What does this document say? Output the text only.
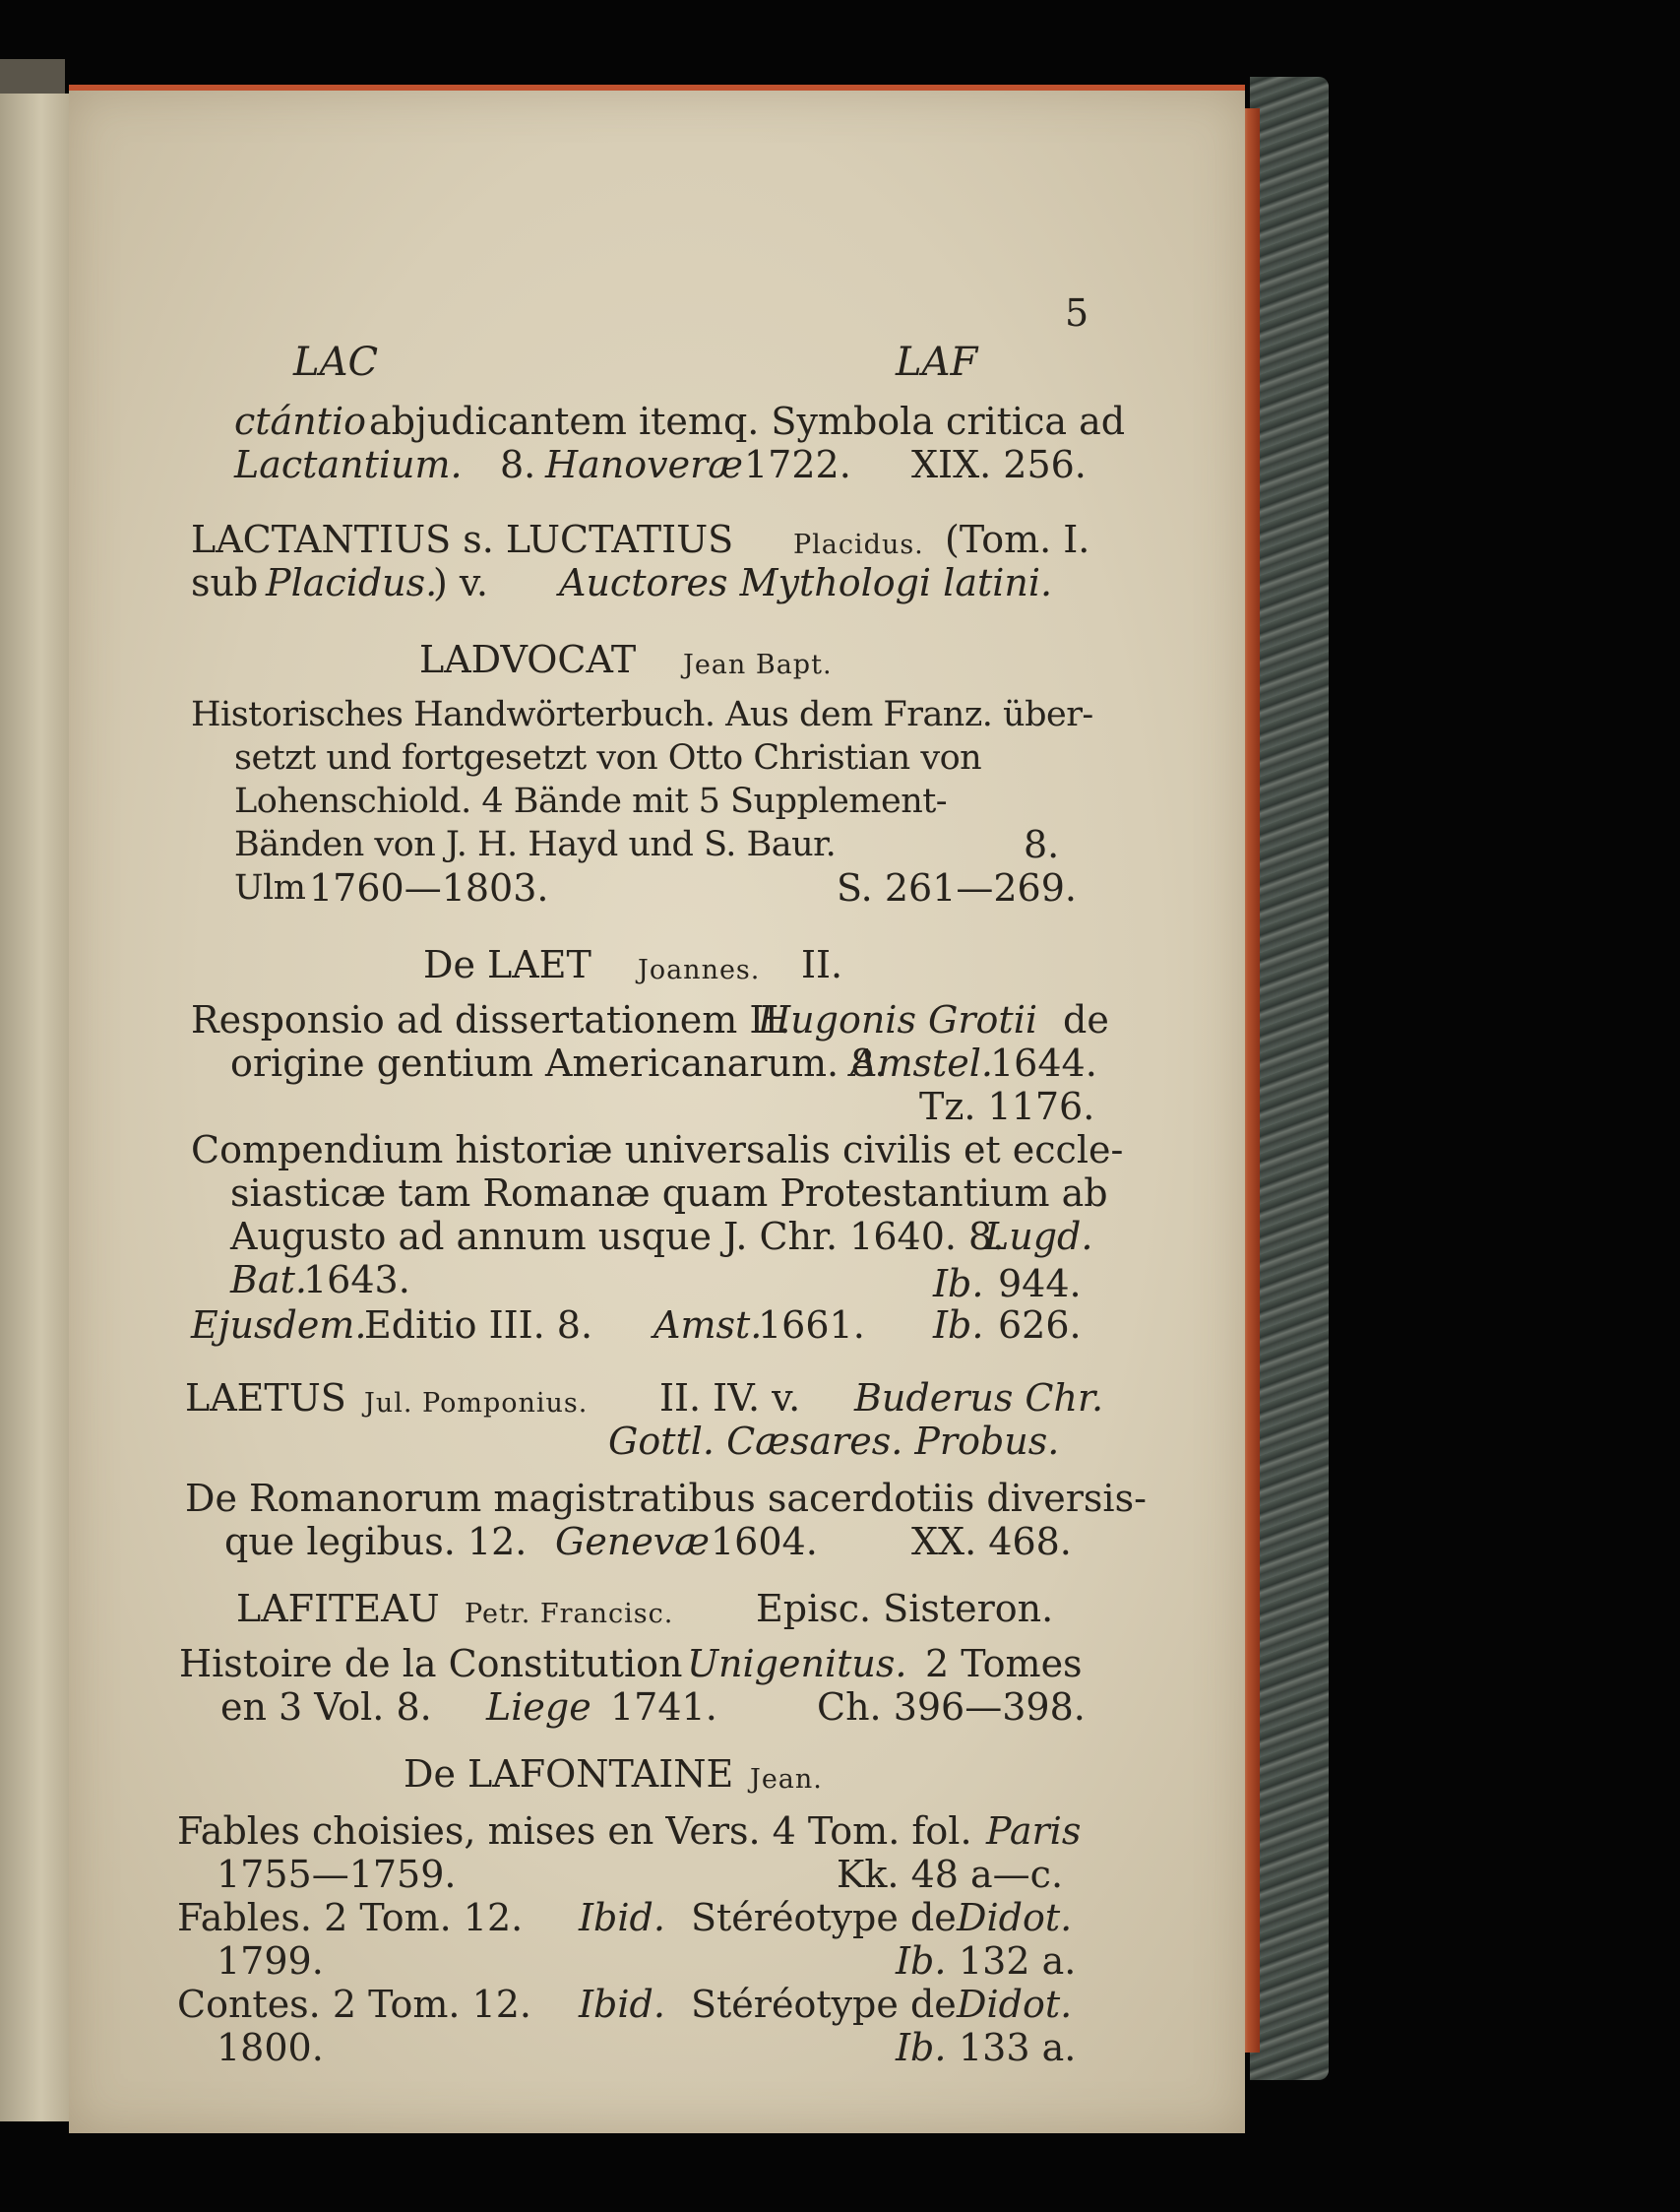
5
LAC	LAF
ctántio abjudicantem itemq. Symbola critica ad
Lactantium. 8. Hanoveræ 1722. XIX. 256.
LACTANTIUS s. LUCTATIUS Placidus. (Tom. I.
sub Placidus.
) v. Auctores Mythologi latini.
LADVOCAT Jean Bapt.
Historisches Handwörterbuch. Aus dem Franz. über-
setzt und fortgesetzt von Otto Christian von
Lohenschiold. 4 Bände mit 5 Supplement-
Bänden von J. H. Hayd und S. Baur.	8.
Ulm 1760—1803.	S. 261—269.
De LAET Joannes. II.
Responsio ad dissertationem II.
Hugonis Grotii de
origine gentium Americanarum. 8.
Amstel.
1644.
Tz. 1176.
Compendium historiæ universalis civilis et eccle-
siasticæ tam Romanæ quam Protestantium ab
Augusto ad annum usque J. Chr. 1640. 8.
Lugd.
Bat.
1643.	Ib. 944.
Ejusdem.
Editio III. 8. Amst.
1661. Ib. 626.
LAETUS Jul. Pomponius. II. IV. v. Buderus Chr.
Gottl. Cæsares. Probus.
De Romanorum magistratibus sacerdotiis diversis-
que legibus. 12. Genevæ 1604.	XX. 468.
LAFITEAU Petr. Francisc. Episc. Sisteron.
Histoire de la Constitution Unigenitus. 2 Tomes
en 3 Vol. 8. Liege 1741.	Ch. 396—398.
De LAFONTAINE Jean.
Fables choisies, mises en Vers. 4 Tom. fol. Paris
1755—1759.	Kk. 48 a—c.
Fables. 2 Tom. 12. Ibid. Stéréotype de Didot.
1799.	Ib. 132 a.
Contes. 2 Tom. 12. Ibid. Stéréotype de Didot.
1800.	Ib. 133 a.
